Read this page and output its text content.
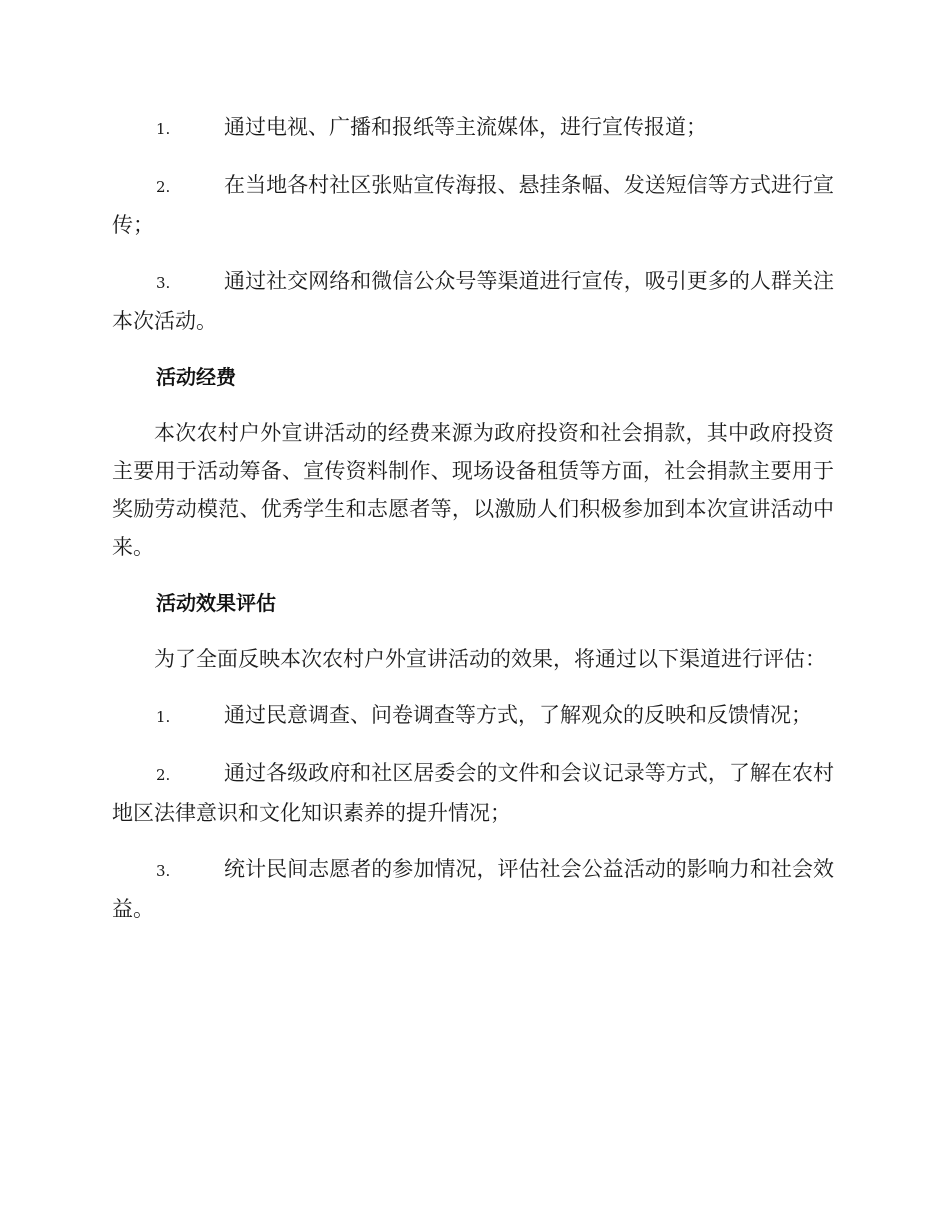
1.	通过电视、广播和报纸等主流媒体，进行宣传报道；

2.	在当地各村社区张贴宣传海报、悬挂条幅、发送短信等方式进行宣传；

3.	通过社交网络和微信公众号等渠道进行宣传，吸引更多的人群关注本次活动。

活动经费

本次农村户外宣讲活动的经费来源为政府投资和社会捐款，其中政府投资主要用于活动筹备、宣传资料制作、现场设备租赁等方面，社会捐款主要用于奖励劳动模范、优秀学生和志愿者等，以激励人们积极参加到本次宣讲活动中来。

活动效果评估

为了全面反映本次农村户外宣讲活动的效果，将通过以下渠道进行评估：

1.	通过民意调查、问卷调查等方式，了解观众的反映和反馈情况；

2.	通过各级政府和社区居委会的文件和会议记录等方式，了解在农村地区法律意识和文化知识素养的提升情况；

3.	统计民间志愿者的参加情况，评估社会公益活动的影响力和社会效益。
